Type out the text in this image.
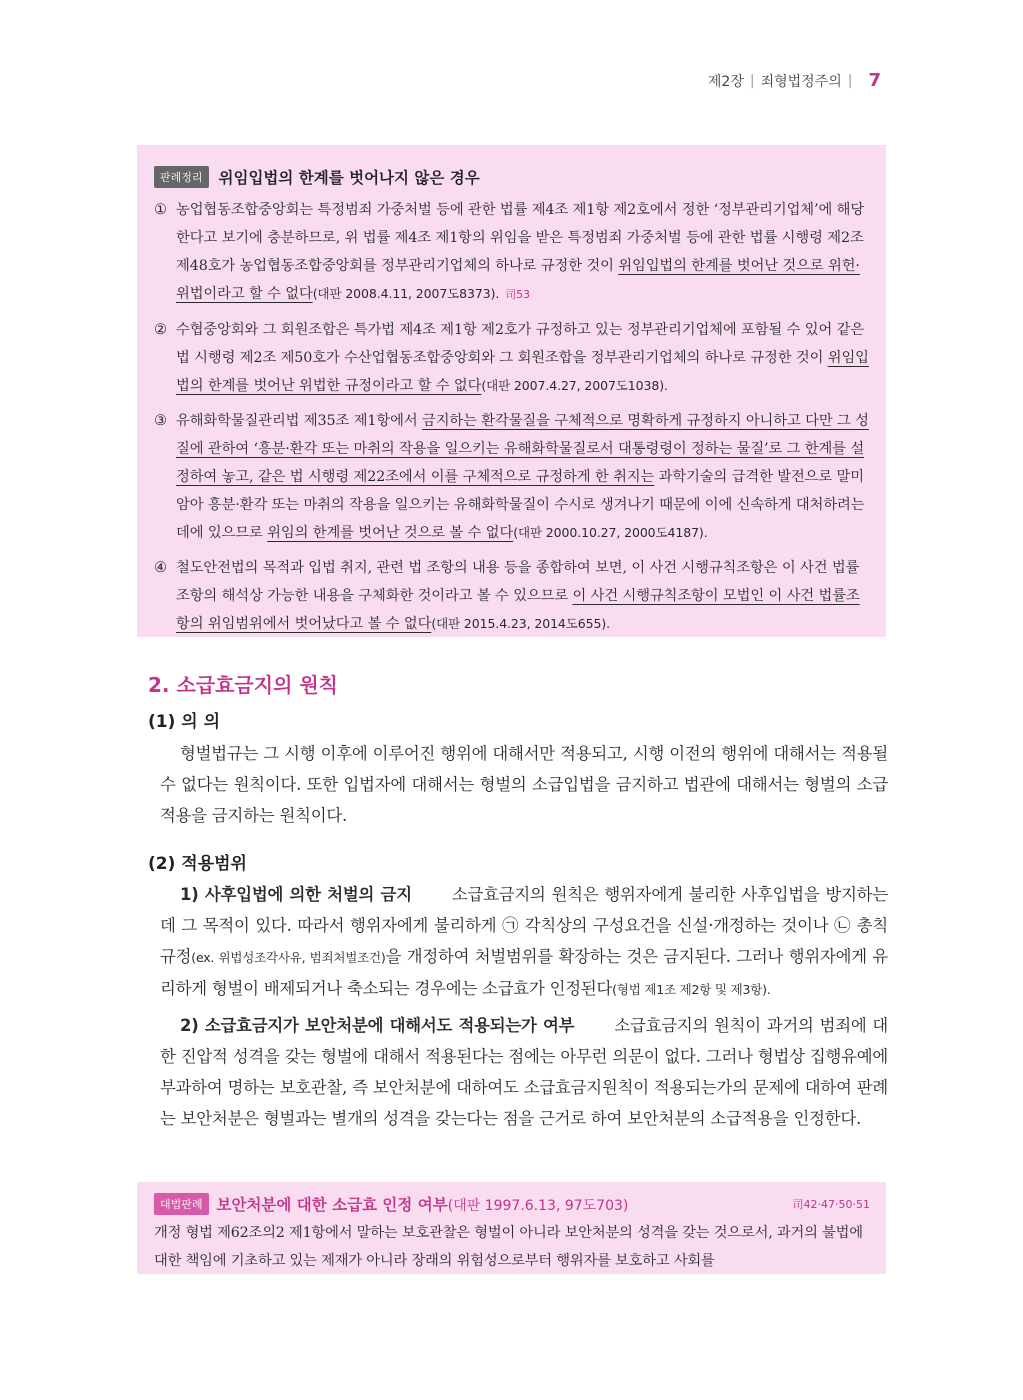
제2장 | 죄형법정주의 | 7
판례정리	위임입법의 한계를 벗어나지 않은 경우
① 농업협동조합중앙회는 특정범죄 가중처벌 등에 관한 법률 제4조 제1항 제2호에서 정한 ‘정부관리기업체’에 해당한다고 보기에 충분하므로, 위 법률 제4조 제1항의 위임을 받은 특정범죄 가중처벌 등에 관한 법률 시행령 제2조 제48호가 농업협동조합중앙회를 정부관리기업체의 하나로 규정한 것이 위임입법의 한계를 벗어난 것으로 위헌·위법이라고 할 수 없다(대판 2008.4.11, 2007도8373). 司53
② 수협중앙회와 그 회원조합은 특가법 제4조 제1항 제2호가 규정하고 있는 정부관리기업체에 포함될 수 있어 같은 법 시행령 제2조 제50호가 수산업협동조합중앙회와 그 회원조합을 정부관리기업체의 하나로 규정한 것이 위임입법의 한계를 벗어난 위법한 규정이라고 할 수 없다(대판 2007.4.27, 2007도1038).
③ 유해화학물질관리법 제35조 제1항에서 금지하는 환각물질을 구체적으로 명확하게 규정하지 아니하고 다만 그 성질에 관하여 ‘흥분·환각 또는 마취의 작용을 일으키는 유해화학물질로서 대통령령이 정하는 물질’로 그 한계를 설정하여 놓고, 같은 법 시행령 제22조에서 이를 구체적으로 규정하게 한 취지는 과학기술의 급격한 발전으로 말미암아 흥분·환각 또는 마취의 작용을 일으키는 유해화학물질이 수시로 생겨나기 때문에 이에 신속하게 대처하려는 데에 있으므로 위임의 한계를 벗어난 것으로 볼 수 없다(대판 2000.10.27, 2000도4187).
④ 철도안전법의 목적과 입법 취지, 관련 법 조항의 내용 등을 종합하여 보면, 이 사건 시행규칙조항은 이 사건 법률조항의 해석상 가능한 내용을 구체화한 것이라고 볼 수 있으므로 이 사건 시행규칙조항이 모법인 이 사건 법률조항의 위임범위에서 벗어났다고 볼 수 없다(대판 2015.4.23, 2014도655).
2. 소급효금지의 원칙
(1) 의 의
형벌법규는 그 시행 이후에 이루어진 행위에 대해서만 적용되고, 시행 이전의 행위에 대해서는 적용될 수 없다는 원칙이다. 또한 입법자에 대해서는 형벌의 소급입법을 금지하고 법관에 대해서는 형벌의 소급적용을 금지하는 원칙이다.
(2) 적용범위
1) 사후입법에 의한 처벌의 금지 소급효금지의 원칙은 행위자에게 불리한 사후입법을 방지하는데 그 목적이 있다. 따라서 행위자에게 불리하게 ㉠ 각칙상의 구성요건을 신설·개정하는 것이나 ㉡ 총칙규정(ex. 위법성조각사유, 범죄처벌조건)을 개정하여 처벌범위를 확장하는 것은 금지된다. 그러나 행위자에게 유리하게 형벌이 배제되거나 축소되는 경우에는 소급효가 인정된다(형법 제1조 제2항 및 제3항).
2) 소급효금지가 보안처분에 대해서도 적용되는가 여부 소급효금지의 원칙이 과거의 범죄에 대한 진압적 성격을 갖는 형벌에 대해서 적용된다는 점에는 아무런 의문이 없다. 그러나 형법상 집행유예에 부과하여 명하는 보호관찰, 즉 보안처분에 대하여도 소급효금지원칙이 적용되는가의 문제에 대하여 판례는 보안처분은 형벌과는 별개의 성격을 갖는다는 점을 근거로 하여 보안처분의 소급적용을 인정한다.
대법판례 보안처분에 대한 소급효 인정 여부(대판 1997.6.13, 97도703)	司42·47·50·51
개정 형법 제62조의2 제1항에서 말하는 보호관찰은 형벌이 아니라 보안처분의 성격을 갖는 것으로서, 과거의 불법에 대한 책임에 기초하고 있는 제재가 아니라 장래의 위험성으로부터 행위자를 보호하고 사회를
